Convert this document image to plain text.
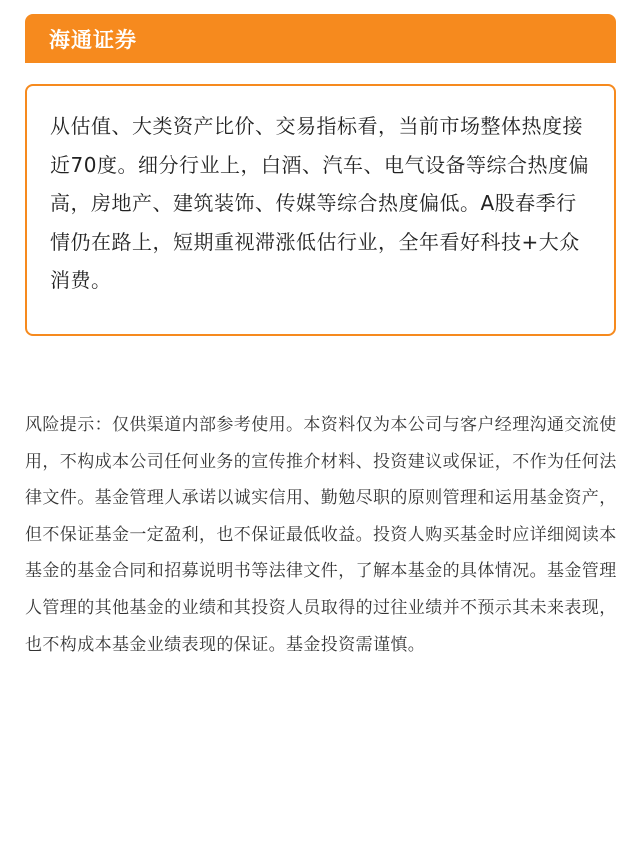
海通证券

从估值、大类资产比价、交易指标看，当前市场整体热度接近70度。细分行业上，白酒、汽车、电气设备等综合热度偏高，房地产、建筑装饰、传媒等综合热度偏低。A股春季行情仍在路上，短期重视滞涨低估行业，全年看好科技+大众消费。

风险提示：仅供渠道内部参考使用。本资料仅为本公司与客户经理沟通交流使用，不构成本公司任何业务的宣传推介材料、投资建议或保证，不作为任何法律文件。基金管理人承诺以诚实信用、勤勉尽职的原则管理和运用基金资产，但不保证基金一定盈利，也不保证最低收益。投资人购买基金时应详细阅读本基金的基金合同和招募说明书等法律文件，了解本基金的具体情况。基金管理人管理的其他基金的业绩和其投资人员取得的过往业绩并不预示其未来表现，也不构成本基金业绩表现的保证。基金投资需谨慎。
